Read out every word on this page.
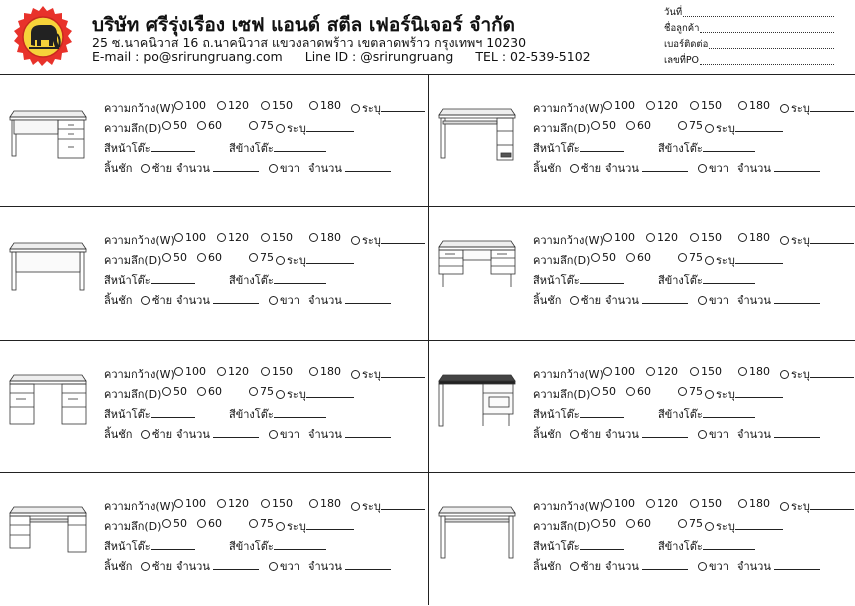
บริษัท ศรีรุ่งเรือง เซฟ แอนด์ สตีล เฟอร์นิเจอร์ จำกัด
25 ซ.นาคนิวาส 16 ถ.นาคนิวาส แขวงลาดพร้าว เขตลาดพร้าว กรุงเทพฯ 10230
E-mail : po@srirungruang.com Line ID : @srirungruang TEL : 02-539-5102
วันที่
ชื่อลูกค้า
เบอร์ติดต่อ
เลขที่PO
ความกว้าง(W) 100	120	150	180	ระบุ
ความลึก(D)	50	60	75	ระบุ
สีหน้าโต๊ะ	สีข้างโต๊ะ
ลิ้นชัก	ซ้าย จำนวน	ขวา จำนวน
ความกว้าง(W) 100	120	150	180	ระบุ
ความลึก(D)	50	60	75	ระบุ
สีหน้าโต๊ะ	สีข้างโต๊ะ
ลิ้นชัก	ซ้าย จำนวน	ขวา จำนวน
ความกว้าง(W) 100	120	150	180	ระบุ
ความลึก(D)	50	60	75	ระบุ
สีหน้าโต๊ะ	สีข้างโต๊ะ
ลิ้นชัก	ซ้าย จำนวน	ขวา จำนวน
ความกว้าง(W) 100	120	150	180	ระบุ
ความลึก(D)	50	60	75	ระบุ
สีหน้าโต๊ะ	สีข้างโต๊ะ
ลิ้นชัก	ซ้าย จำนวน	ขวา จำนวน
ความกว้าง(W) 100	120	150	180	ระบุ
ความลึก(D)	50	60	75	ระบุ
สีหน้าโต๊ะ	สีข้างโต๊ะ
ลิ้นชัก	ซ้าย จำนวน	ขวา จำนวน
ความกว้าง(W) 100	120	150	180	ระบุ
ความลึก(D)	50	60	75	ระบุ
สีหน้าโต๊ะ	สีข้างโต๊ะ
ลิ้นชัก	ซ้าย จำนวน	ขวา จำนวน
ความกว้าง(W) 100	120	150	180	ระบุ
ความลึก(D)	50	60	75	ระบุ
สีหน้าโต๊ะ	สีข้างโต๊ะ
ลิ้นชัก	ซ้าย จำนวน	ขวา จำนวน
ความกว้าง(W) 100	120	150	180	ระบุ
ความลึก(D)	50	60	75	ระบุ
สีหน้าโต๊ะ	สีข้างโต๊ะ
ลิ้นชัก	ซ้าย จำนวน	ขวา จำนวน
